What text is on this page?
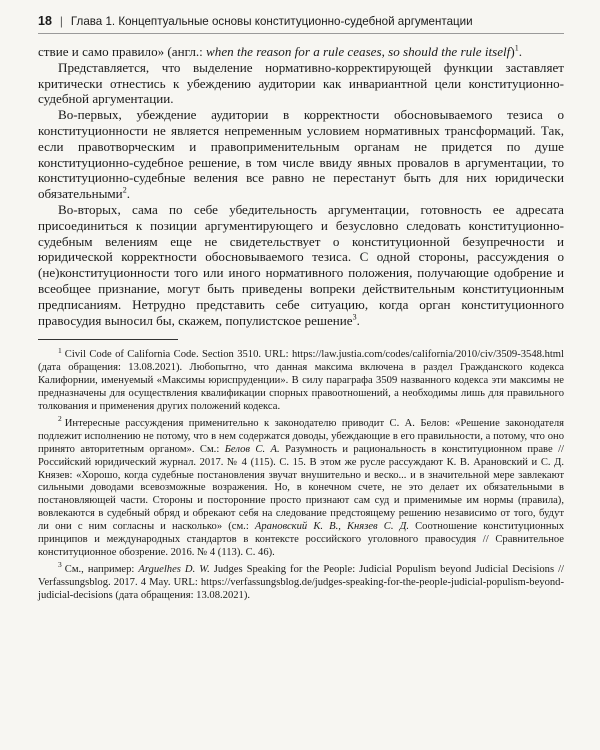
18 | Глава 1. Концептуальные основы конституционно-судебной аргументации

ствие и само правило» (англ.: when the reason for a rule ceases, so should the rule itself)$^1$.

Представляется, что выделение нормативно-корректирующей функции заставляет критически отнестись к убеждению аудитории как инвариантной цели конституционно-судебной аргументации.

Во-первых, убеждение аудитории в корректности обосновываемого тезиса о конституционности не является непременным условием нормативных трансформаций. Так, если правотворческим и правоприменительным органам не придется по душе конституционно-судебное решение, в том числе ввиду явных провалов в аргументации, то конституционно-судебные веления все равно не перестанут быть для них юридически обязательными$^2$.

Во-вторых, сама по себе убедительность аргументации, готовность ее адресата присоединиться к позиции аргументирующего и безусловно следовать конституционно-судебным велениям еще не свидетельствует о конституционной безупречности и юридической корректности обосновываемого тезиса. С одной стороны, рассуждения о (не)конституционности того или иного нормативного положения, получающие одобрение и всеобщее признание, могут быть приведены вопреки действительным конституционным предписаниям. Нетрудно представить себе ситуацию, когда орган конституционного правосудия выносил бы, скажем, популистское решение$^3$.

$^1$ Civil Code of California Code. Section 3510. URL: https://law.justia.com/codes/california/2010/civ/3509-3548.html (дата обращения: 13.08.2021). Любопытно, что данная максима включена в раздел Гражданского кодекса Калифорнии, именуемый «Максимы юриспруденции». В силу параграфа 3509 названного кодекса эти максимы не предназначены для осуществления квалификации спорных правоотношений, а необходимы лишь для правильного толкования и применения других положений кодекса.

$^2$ Интересные рассуждения применительно к законодателю приводит С. А. Белов: «Решение законодателя подлежит исполнению не потому, что в нем содержатся доводы, убеждающие в его правильности, а потому, что оно принято авторитетным органом». См.: Белов С. А. Разумность и рациональность в конституционном праве // Российский юридический журнал. 2017. № 4 (115). С. 15. В этом же русле рассуждают К. В. Арановский и С. Д. Князев: «Хорошо, когда судебные постановления звучат внушительно и веско... и в значительной мере завлекают сильными доводами всевозможные возражения. Но, в конечном счете, не это делает их обязательными в постановляющей части. Стороны и посторонние просто признают сам суд и применимые им нормы (правила), вовлекаются в судебный обряд и обрекают себя на следование предстоящему решению независимо от того, будут ли они с ним согласны и насколько» (см.: Арановский К. В., Князев С. Д. Соотношение конституционных принципов и международных стандартов в контексте российского уголовного правосудия // Сравнительное конституционное обозрение. 2016. № 4 (113). С. 46).

$^3$ См., например: Arguelhes D. W. Judges Speaking for the People: Judicial Populism beyond Judicial Decisions // Verfassungsblog. 2017. 4 May. URL: https://verfassungsblog.de/judges-speaking-for-the-people-judicial-populism-beyond-judicial-decisions (дата обращения: 13.08.2021).
